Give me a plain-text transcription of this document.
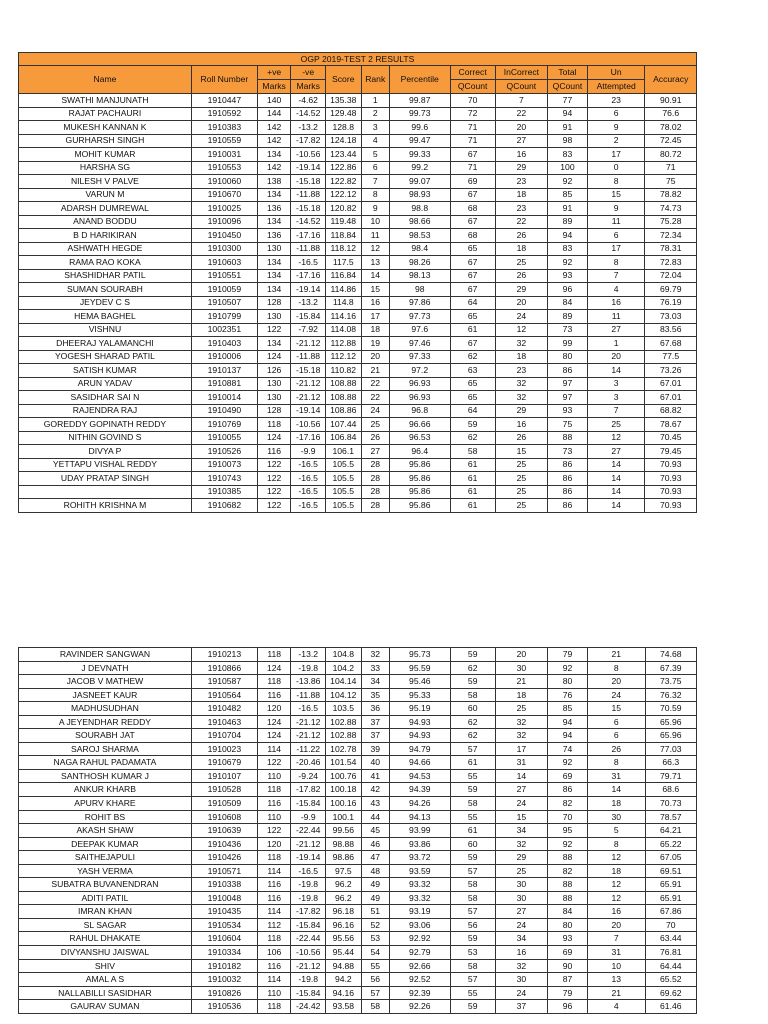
OGP 2019-TEST 2 RESULTS											
Name	Roll Number	+ve	-ve	Score	Rank	Percentile	Correct	InCorrect	Total	Un	Accuracy
		Marks	Marks				QCount	QCount	QCount	Attempted	
SWATHI MANJUNATH	1910447	140	-4.62	135.38	1	99.87	70	7	77	23	90.91
RAJAT PACHAURI	1910592	144	-14.52	129.48	2	99.73	72	22	94	6	76.6
MUKESH KANNAN K	1910383	142	-13.2	128.8	3	99.6	71	20	91	9	78.02
GURHARSH SINGH	1910559	142	-17.82	124.18	4	99.47	71	27	98	2	72.45
MOHIT KUMAR	1910031	134	-10.56	123.44	5	99.33	67	16	83	17	80.72
HARSHA SG	1910553	142	-19.14	122.86	6	99.2	71	29	100	0	71
NILESH V PALVE	1910060	138	-15.18	122.82	7	99.07	69	23	92	8	75
VARUN M	1910670	134	-11.88	122.12	8	98.93	67	18	85	15	78.82
ADARSH DUMREWAL	1910025	136	-15.18	120.82	9	98.8	68	23	91	9	74.73
ANAND BODDU	1910096	134	-14.52	119.48	10	98.66	67	22	89	11	75.28
B D HARIKIRAN	1910450	136	-17.16	118.84	11	98.53	68	26	94	6	72.34
ASHWATH HEGDE	1910300	130	-11.88	118.12	12	98.4	65	18	83	17	78.31
RAMA RAO KOKA	1910603	134	-16.5	117.5	13	98.26	67	25	92	8	72.83
SHASHIDHAR PATIL	1910551	134	-17.16	116.84	14	98.13	67	26	93	7	72.04
SUMAN SOURABH	1910059	134	-19.14	114.86	15	98	67	29	96	4	69.79
JEYDEV C S	1910507	128	-13.2	114.8	16	97.86	64	20	84	16	76.19
HEMA BAGHEL	1910799	130	-15.84	114.16	17	97.73	65	24	89	11	73.03
VISHNU	1002351	122	-7.92	114.08	18	97.6	61	12	73	27	83.56
DHEERAJ YALAMANCHI	1910403	134	-21.12	112.88	19	97.46	67	32	99	1	67.68
YOGESH SHARAD PATIL	1910006	124	-11.88	112.12	20	97.33	62	18	80	20	77.5
SATISH KUMAR	1910137	126	-15.18	110.82	21	97.2	63	23	86	14	73.26
ARUN YADAV	1910881	130	-21.12	108.88	22	96.93	65	32	97	3	67.01
SASIDHAR SAI N	1910014	130	-21.12	108.88	22	96.93	65	32	97	3	67.01
RAJENDRA RAJ	1910490	128	-19.14	108.86	24	96.8	64	29	93	7	68.82
GOREDDY GOPINATH REDDY	1910769	118	-10.56	107.44	25	96.66	59	16	75	25	78.67
NITHIN GOVIND S	1910055	124	-17.16	106.84	26	96.53	62	26	88	12	70.45
DIVYA P	1910526	116	-9.9	106.1	27	96.4	58	15	73	27	79.45
YETTAPU VISHAL REDDY	1910073	122	-16.5	105.5	28	95.86	61	25	86	14	70.93
UDAY PRATAP SINGH	1910743	122	-16.5	105.5	28	95.86	61	25	86	14	70.93
	1910385	122	-16.5	105.5	28	95.86	61	25	86	14	70.93
ROHITH KRISHNA M	1910682	122	-16.5	105.5	28	95.86	61	25	86	14	70.93
RAVINDER SANGWAN	1910213	118	-13.2	104.8	32	95.73	59	20	79	21	74.68
J DEVNATH	1910866	124	-19.8	104.2	33	95.59	62	30	92	8	67.39
JACOB V MATHEW	1910587	118	-13.86	104.14	34	95.46	59	21	80	20	73.75
JASNEET KAUR	1910564	116	-11.88	104.12	35	95.33	58	18	76	24	76.32
MADHUSUDHAN	1910482	120	-16.5	103.5	36	95.19	60	25	85	15	70.59
A JEYENDHAR REDDY	1910463	124	-21.12	102.88	37	94.93	62	32	94	6	65.96
SOURABH JAT	1910704	124	-21.12	102.88	37	94.93	62	32	94	6	65.96
SAROJ SHARMA	1910023	114	-11.22	102.78	39	94.79	57	17	74	26	77.03
NAGA RAHUL PADAMATA	1910679	122	-20.46	101.54	40	94.66	61	31	92	8	66.3
SANTHOSH KUMAR J	1910107	110	-9.24	100.76	41	94.53	55	14	69	31	79.71
ANKUR KHARB	1910528	118	-17.82	100.18	42	94.39	59	27	86	14	68.6
APURV KHARE	1910509	116	-15.84	100.16	43	94.26	58	24	82	18	70.73
ROHIT BS	1910608	110	-9.9	100.1	44	94.13	55	15	70	30	78.57
AKASH SHAW	1910639	122	-22.44	99.56	45	93.99	61	34	95	5	64.21
DEEPAK KUMAR	1910436	120	-21.12	98.88	46	93.86	60	32	92	8	65.22
SAITHEJAPULI	1910426	118	-19.14	98.86	47	93.72	59	29	88	12	67.05
YASH VERMA	1910571	114	-16.5	97.5	48	93.59	57	25	82	18	69.51
SUBATRA BUVANENDRAN	1910338	116	-19.8	96.2	49	93.32	58	30	88	12	65.91
ADITI PATIL	1910048	116	-19.8	96.2	49	93.32	58	30	88	12	65.91
IMRAN KHAN	1910435	114	-17.82	96.18	51	93.19	57	27	84	16	67.86
SL SAGAR	1910534	112	-15.84	96.16	52	93.06	56	24	80	20	70
RAHUL DHAKATE	1910604	118	-22.44	95.56	53	92.92	59	34	93	7	63.44
DIVYANSHU JAISWAL	1910334	106	-10.56	95.44	54	92.79	53	16	69	31	76.81
SHIV	1910182	116	-21.12	94.88	55	92.66	58	32	90	10	64.44
AMAL A S	1910032	114	-19.8	94.2	56	92.52	57	30	87	13	65.52
NALLABILLI SASIDHAR	1910826	110	-15.84	94.16	57	92.39	55	24	79	21	69.62
GAURAV SUMAN	1910536	118	-24.42	93.58	58	92.26	59	37	96	4	61.46
